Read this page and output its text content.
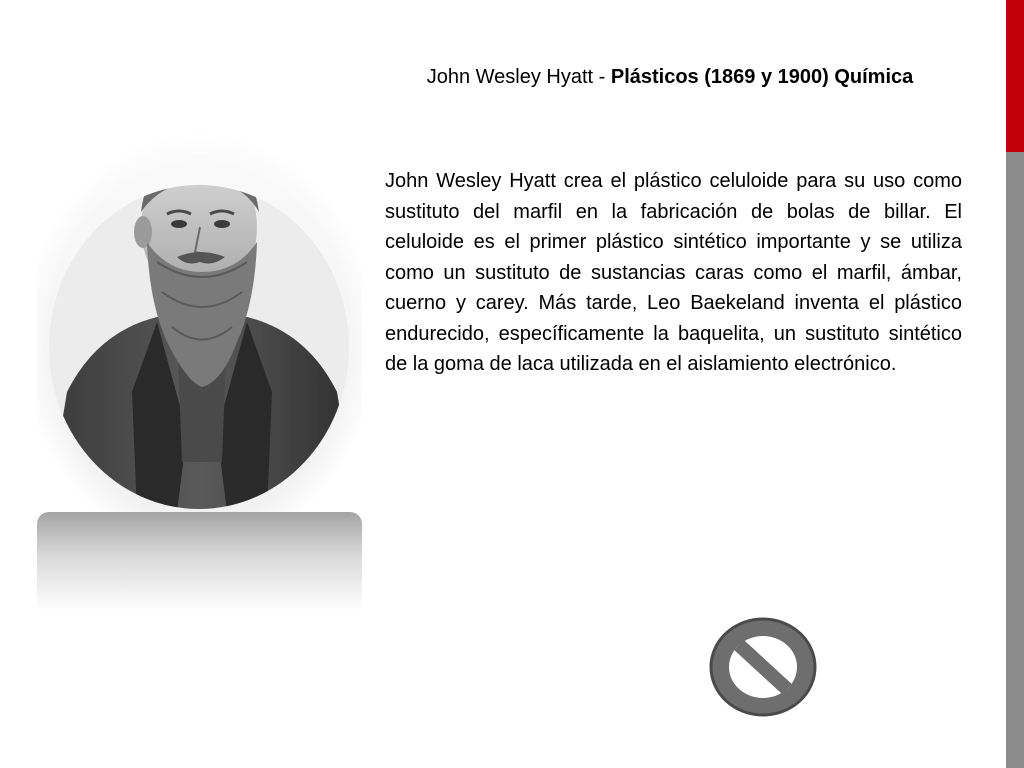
John Wesley Hyatt - Plásticos (1869 y 1900) Química
John Wesley Hyatt crea el plástico celuloide para su uso como sustituto del marfil en la fabricación de bolas de billar. El celuloide es el primer plástico sintético importante y se utiliza como un sustituto de sustancias caras como el marfil, ámbar, cuerno y carey. Más tarde, Leo Baekeland inventa el plástico endurecido, específicamente la baquelita, un sustituto sintético de la goma de laca utilizada en el aislamiento electrónico.
